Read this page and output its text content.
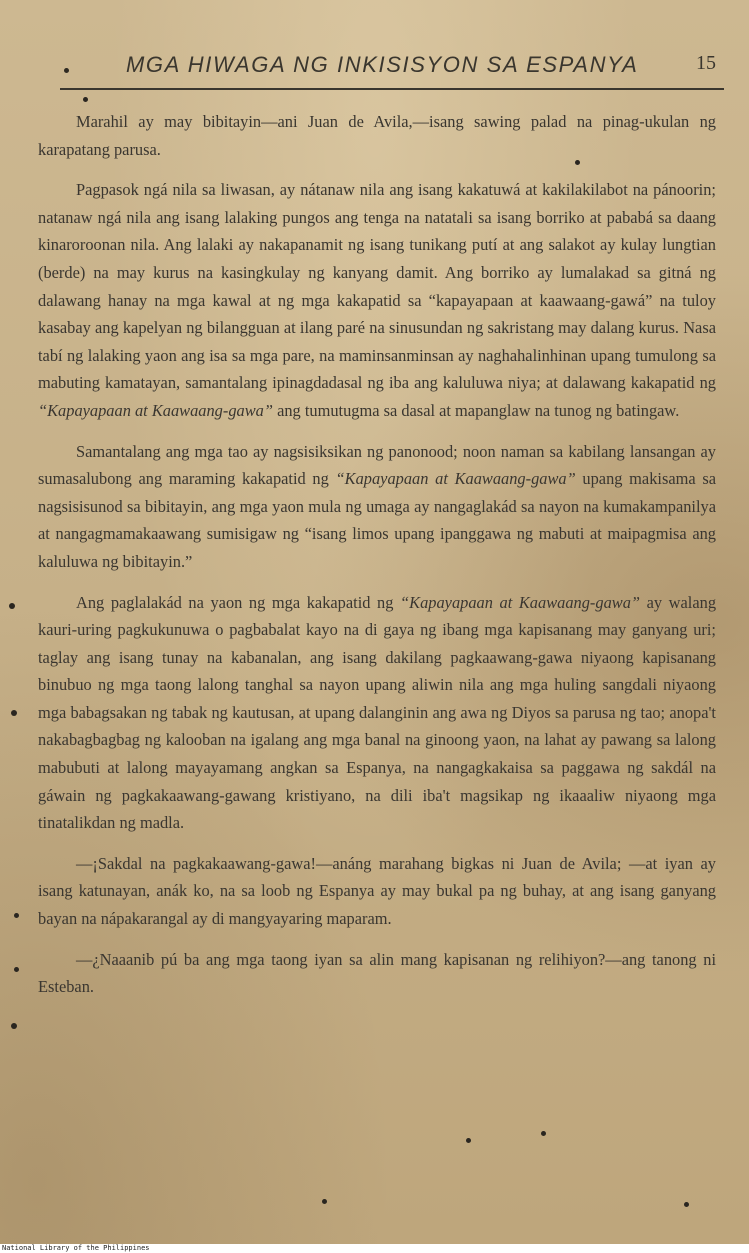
MGA HIWAGA NG INKISISYON SA ESPANYA	15

Marahil ay may bibitayin—ani Juan de Avila,—isang sawing palad na pinag-ukulan ng karapatang parusa.

Pagpasok ngá nila sa liwasan, ay nátanaw nila ang isang kakatuwá at kakilakilabot na pánoorin; natanaw ngá nila ang isang lalaking pungos ang tenga na natatali sa isang borriko at pababá sa daang kinaroroonan nila. Ang lalaki ay nakapanamit ng isang tunikang putí at ang salakot ay kulay lungtian (berde) na may kurus na kasingkulay ng kanyang damit. Ang borriko ay lumalakad sa gitná ng dalawang hanay na mga kawal at ng mga kakapatid sa “kapayapaan at kaawaang-gawá” na tuloy kasabay ang kapelyan ng bilangguan at ilang paré na sinusundan ng sakristang may dalang kurus. Nasa tabí ng lalaking yaon ang isa sa mga pare, na maminsanminsan ay naghahalinhinan upang tumulong sa mabuting kamatayan, samantalang ipinagdadasal ng iba ang kaluluwa niya; at dalawang kakapatid ng “Kapayapaan at Kaawaang-gawa” ang tumutugma sa dasal at mapanglaw na tunog ng batingaw.

Samantalang ang mga tao ay nagsisiksikan ng panonood; noon naman sa kabilang lansangan ay sumasalubong ang maraming kakapatid ng “Kapayapaan at Kaawaang-gawa” upang makisama sa nagsisisunod sa bibitayin, ang mga yaon mula ng umaga ay nangaglakád sa nayon na kumakampanilya at nangagmamakaawang sumisigaw ng “isang limos upang ipanggawa ng mabuti at maipagmisa ang kaluluwa ng bibitayin.”

Ang paglalakád na yaon ng mga kakapatid ng “Kapayapaan at Kaawaang-gawa” ay walang kauri-uring pagkukunuwa o pagbabalat kayo na di gaya ng ibang mga kapisanang may ganyang uri; taglay ang isang tunay na kabanalan, ang isang dakilang pagkaawang-gawa niyaong kapisanang binubuo ng mga taong lalong tanghal sa nayon upang aliwin nila ang mga huling sangdali niyaong mga babagsakan ng tabak ng kautusan, at upang dalanginin ang awa ng Diyos sa parusa ng tao; anopa't nakabagbagbag ng kalooban na igalang ang mga banal na ginoong yaon, na lahat ay pawang sa lalong mabubuti at lalong mayayamang angkan sa Espanya, na nangagkakaisa sa paggawa ng sakdál na gáwain ng pagkakaawang-gawang kristiyano, na dili iba't magsikap ng ikaaaliw niyaong mga tinatalikdan ng madla.

—¡Sakdal na pagkakaawang-gawa!—anáng marahang bigkas ni Juan de Avila; —at iyan ay isang katunayan, anák ko, na sa loob ng Espanya ay may bukal pa ng buhay, at ang isang ganyang bayan na nápakarangal ay di mangyayaring maparam.

—¿Naaanib pú ba ang mga taong iyan sa alin mang kapisanan ng relihiyon?—ang tanong ni Esteban.

National Library of the Philippines
